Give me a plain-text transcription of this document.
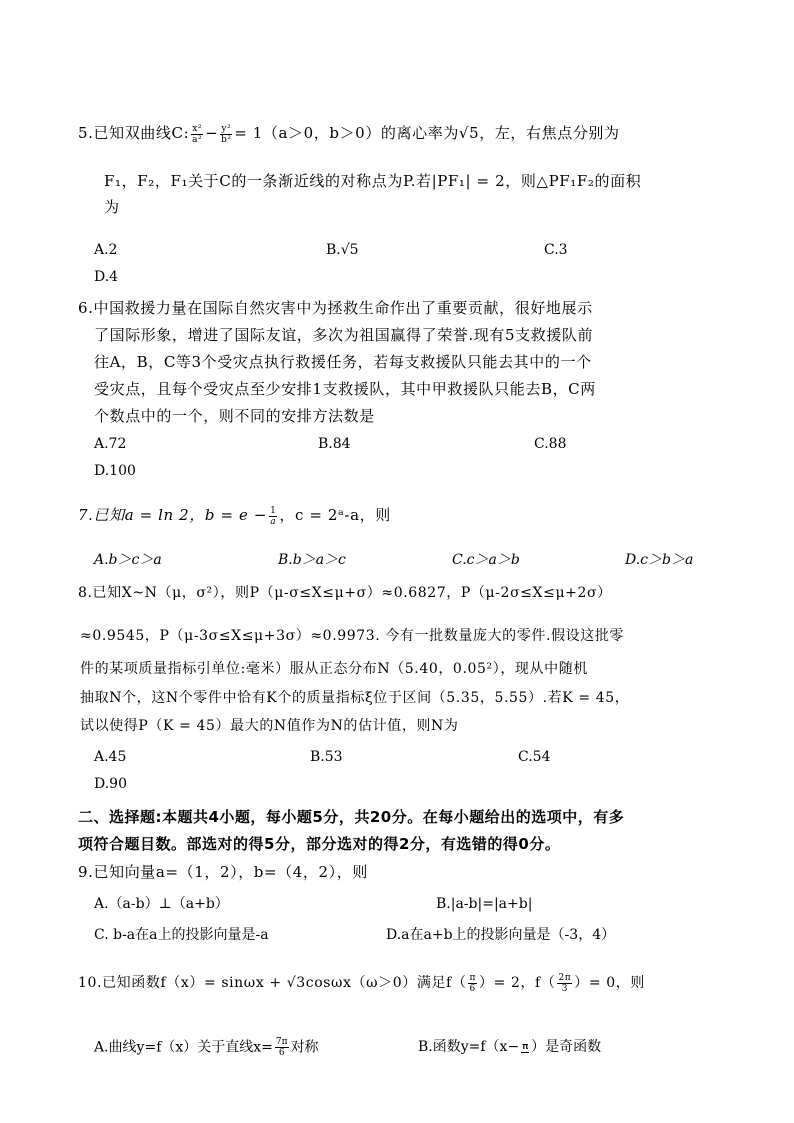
5.已知双曲线C: $\frac{\text{x²}}{\text{a²}} - \frac{\text{y²}}{\text{b²}} = 1(a>0$，b＞0）的离心率为√5，左，右焦点分别为
F₁，F₂，F₁关于C的一条渐近线的对称点为P.若|PF₁| = 2，则△PF₁F₂的面积
为
A.2	B.√5	C.3
D.4
6.中国救援力量在国际自然灾害中为拯救生命作出了重要贡献，很好地展示
了国际形象，增进了国际友谊，多次为祖国赢得了荣誉.现有5支救援队前
往A，B，C等3个受灾点执行救援任务，若每支救援队只能去其中的一个
受灾点，且每个受灾点至少安排1支救援队，其中甲救援队只能去B，C两
个数点中的一个，则不同的安排方法数是
A.72	B.84	C.88
D.100
7.已知a = ln 2，$b = e - \frac{1}{a}$ ，c = 2ᵃ-a，则
A.b＞c＞a	B.b＞a＞c	C.c＞a＞b	D.c＞b＞a
8.已知X~N（μ，σ²），则P（μ-σ≤X≤μ+σ）≈0.6827，P（μ-2σ≤X≤μ+2σ）
≈0.9545，P（μ-3σ≤X≤μ+3σ）≈0.9973. 今有一批数量庞大的零件.假设这批零
件的某项质量指标引单位:毫米）服从正态分布N（5.40，0.05²），现从中随机
抽取N个，这N个零件中恰有K个的质量指标ξ位于区间（5.35，5.55）.若K = 45，
试以使得P（K = 45）最大的N值作为N的估计值，则N为
A.45	B.53	C.54
D.90
二、选择题:本题共4小题，每小题5分，共20分。在每小题给出的选项中，有多
项符合题目数。部选对的得5分，部分选对的得2分，有选错的得0分。
9.已知向量a=（1，2），b=（4，2），则
A.（a-b）⊥（a+b）	B.|a-b|=|a+b|
C. b-a在a上的投影向量是-a	D.a在a+b上的投影向量是（-3，4）
10.已知函数f（x）= sinωx + √3cosωx（ω＞0）满足$f( \frac{\pi}{6}$ ）= 2，$f( \frac{2\pi}{3}$ ）= 0，则
A.曲线y=f（x）关于直线$x= \frac{7\pi}{6}$ 对称	B.函数y=f（x− 𝛑 ）是奇函数
